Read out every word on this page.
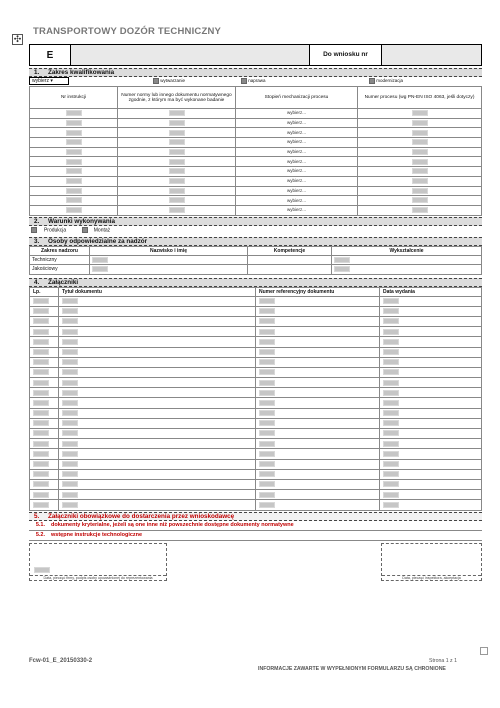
✣
TRANSPORTOWY DOZÓR TECHNICZNY
E	Do wniosku nr
1. Zakres kwalifikowania
wybierz ▾	wytwarzanie	naprawa	modernizacja
Nr instrukcji	Numer normy lub innego dokumentu normatywnego zgodnie, z którym ma być wykonane badanie	Stopień mechanizacji procesu	Numer procesu (wg PN-EN ISO 4063, jeśli dotyczy)
		wybierz...	
		wybierz...	
		wybierz...	
		wybierz...	
		wybierz...	
		wybierz...	
		wybierz...	
		wybierz...	
		wybierz...	
		wybierz...	
		wybierz...	
2. Warunki wykonywania
Produkcja	Montaż
3. Osoby odpowiedzialne za nadzór
Zakres nadzoru	Nazwisko i imię	Kompetencje	Wykształcenie
Techniczny			
Jakościowy			
4. Załączniki
Lp.	Tytuł dokumentu	Numer referencyjny dokumentu	Data wydania

5. Załączniki obowiązkowe do dostarczenia przez wnioskodawcę
5.1. dokumenty kryterialne, jeżeli są one inne niż powszechnie dostępne dokumenty normatywne
5.2. wstępne instrukcje technologiczne
Data, pieczęć firmy, podpis osoby upoważnionej do reprezentowania	Data, pieczęć inspektora, akceptacja
Fcw-01_E_20150330-2	Strona 1 z 1
INFORMACJE ZAWARTE W WYPEŁNIONYM FORMULARZU SĄ CHRONIONE
